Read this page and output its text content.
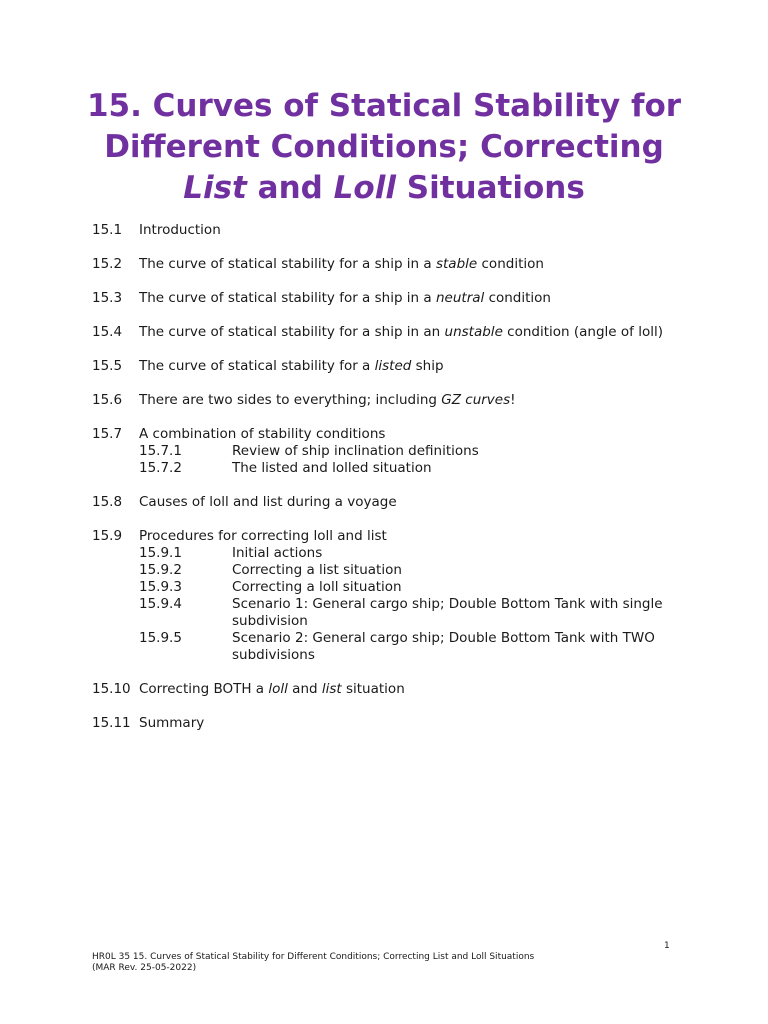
15. Curves of Statical Stability for
Different Conditions; Correcting
List and Loll Situations
15.1	Introduction
15.2	The curve of statical stability for a ship in a stable condition
15.3	The curve of statical stability for a ship in a neutral condition
15.4	The curve of statical stability for a ship in an unstable condition (angle of loll)
15.5	The curve of statical stability for a listed ship
15.6	There are two sides to everything; including GZ curves!
15.7	A combination of stability conditions
15.7.1	Review of ship inclination definitions
15.7.2	The listed and lolled situation
15.8	Causes of loll and list during a voyage
15.9	Procedures for correcting loll and list
15.9.1	Initial actions
15.9.2	Correcting a list situation
15.9.3	Correcting a loll situation
15.9.4	Scenario 1: General cargo ship; Double Bottom Tank with single subdivision
15.9.5	Scenario 2: General cargo ship; Double Bottom Tank with TWO subdivisions
15.10 Correcting BOTH a loll and list situation
15.11 Summary
1
HR0L 35 15. Curves of Statical Stability for Different Conditions; Correcting List and Loll Situations
(MAR Rev. 25-05-2022)
